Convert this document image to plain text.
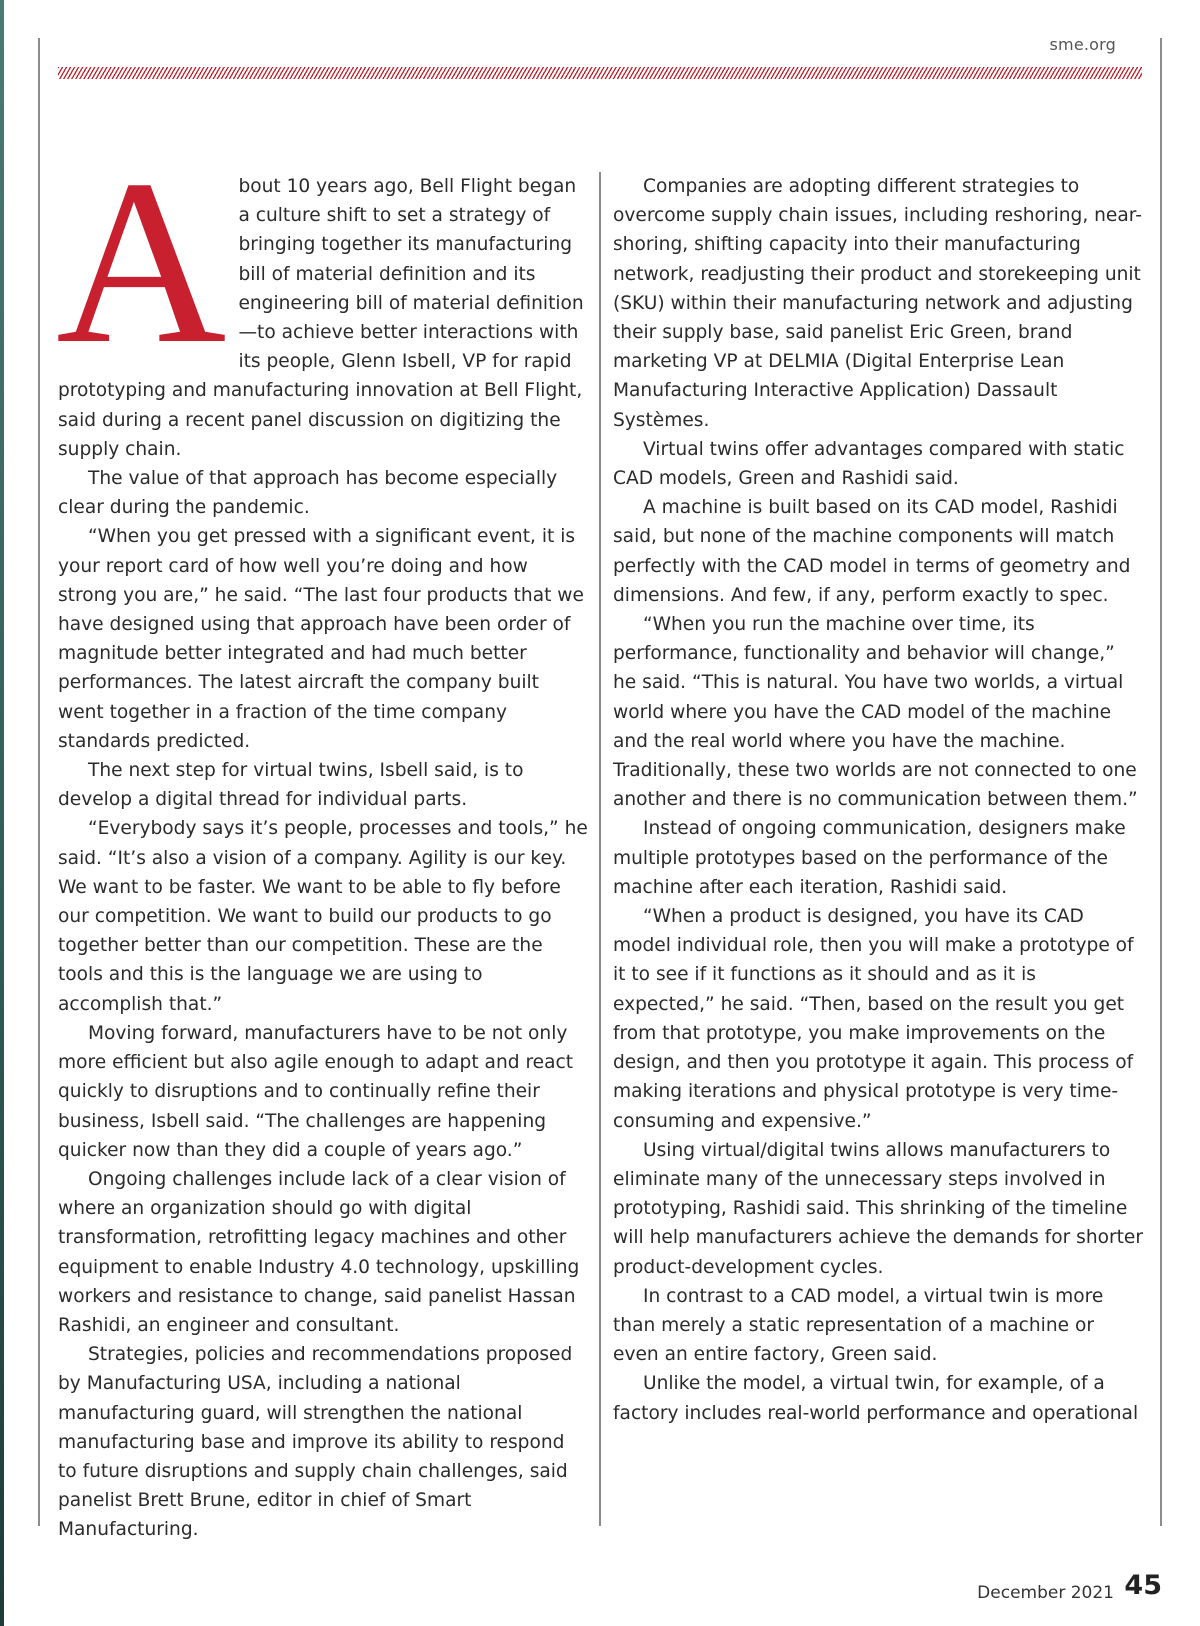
sme.org

About 10 years ago, Bell Flight began a culture shift to set a strategy of bringing together its manufacturing bill of material definition and its engineering bill of material definition—to achieve better interactions with its people, Glenn Isbell, VP for rapid prototyping and manufacturing innovation at Bell Flight, said during a recent panel discussion on digitizing the supply chain.

The value of that approach has become especially clear during the pandemic.

“When you get pressed with a significant event, it is your report card of how well you’re doing and how strong you are,” he said. “The last four products that we have designed using that approach have been order of magnitude better integrated and had much better performances. The latest aircraft the company built went together in a fraction of the time company standards predicted.

The next step for virtual twins, Isbell said, is to develop a digital thread for individual parts.

“Everybody says it’s people, processes and tools,” he said. “It’s also a vision of a company. Agility is our key. We want to be faster. We want to be able to fly before our competition. We want to build our products to go together better than our competition. These are the tools and this is the language we are using to accomplish that.”

Moving forward, manufacturers have to be not only more efficient but also agile enough to adapt and react quickly to disruptions and to continually refine their business, Isbell said. “The challenges are happening quicker now than they did a couple of years ago.”

Ongoing challenges include lack of a clear vision of where an organization should go with digital transformation, retrofitting legacy machines and other equipment to enable Industry 4.0 technology, upskilling workers and resistance to change, said panelist Hassan Rashidi, an engineer and consultant.

Strategies, policies and recommendations proposed by Manufacturing USA, including a national manufacturing guard, will strengthen the national manufacturing base and improve its ability to respond to future disruptions and supply chain challenges, said panelist Brett Brune, editor in chief of Smart Manufacturing.

Companies are adopting different strategies to overcome supply chain issues, including reshoring, near-shoring, shifting capacity into their manufacturing network, readjusting their product and storekeeping unit (SKU) within their manufacturing network and adjusting their supply base, said panelist Eric Green, brand marketing VP at DELMIA (Digital Enterprise Lean Manufacturing Interactive Application) Dassault Systèmes.

Virtual twins offer advantages compared with static CAD models, Green and Rashidi said.

A machine is built based on its CAD model, Rashidi said, but none of the machine components will match perfectly with the CAD model in terms of geometry and dimensions. And few, if any, perform exactly to spec.

“When you run the machine over time, its performance, functionality and behavior will change,” he said. “This is natural. You have two worlds, a virtual world where you have the CAD model of the machine and the real world where you have the machine. Traditionally, these two worlds are not connected to one another and there is no communication between them.”

Instead of ongoing communication, designers make multiple prototypes based on the performance of the machine after each iteration, Rashidi said.

“When a product is designed, you have its CAD model individual role, then you will make a prototype of it to see if it functions as it should and as it is expected,” he said. “Then, based on the result you get from that prototype, you make improvements on the design, and then you prototype it again. This process of making iterations and physical prototype is very time-consuming and expensive.”

Using virtual/digital twins allows manufacturers to eliminate many of the unnecessary steps involved in prototyping, Rashidi said. This shrinking of the timeline will help manufacturers achieve the demands for shorter product-development cycles.

In contrast to a CAD model, a virtual twin is more than merely a static representation of a machine or even an entire factory, Green said.

Unlike the model, a virtual twin, for example, of a factory includes real-world performance and operational

December 2021 45
